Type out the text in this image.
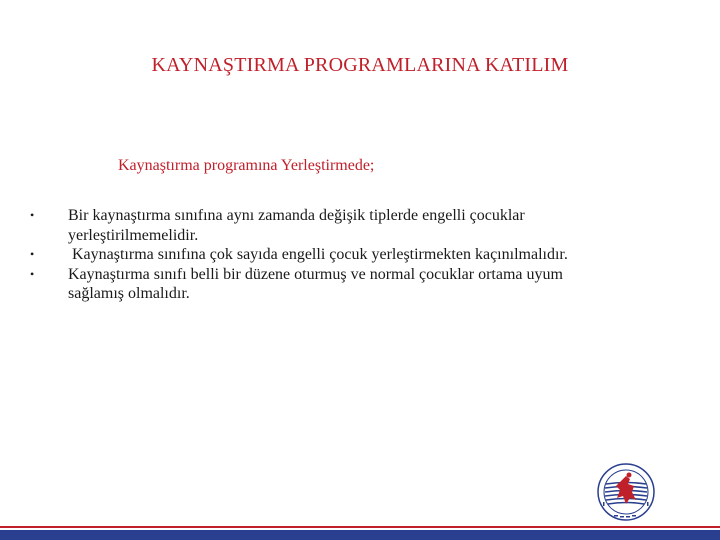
KAYNAŞTIRMA PROGRAMLARINA KATILIM
Kaynaştırma programına Yerleştirmede;
• Bir kaynaştırma sınıfına aynı zamanda değişik tiplerde engelli çocuklar yerleştirilmemelidir.
• Kaynaştırma sınıfına çok sayıda engelli çocuk yerleştirmekten kaçınılmalıdır.
• Kaynaştırma sınıfı belli bir düzene oturmuş ve normal çocuklar ortama uyum sağlamış olmalıdır.
